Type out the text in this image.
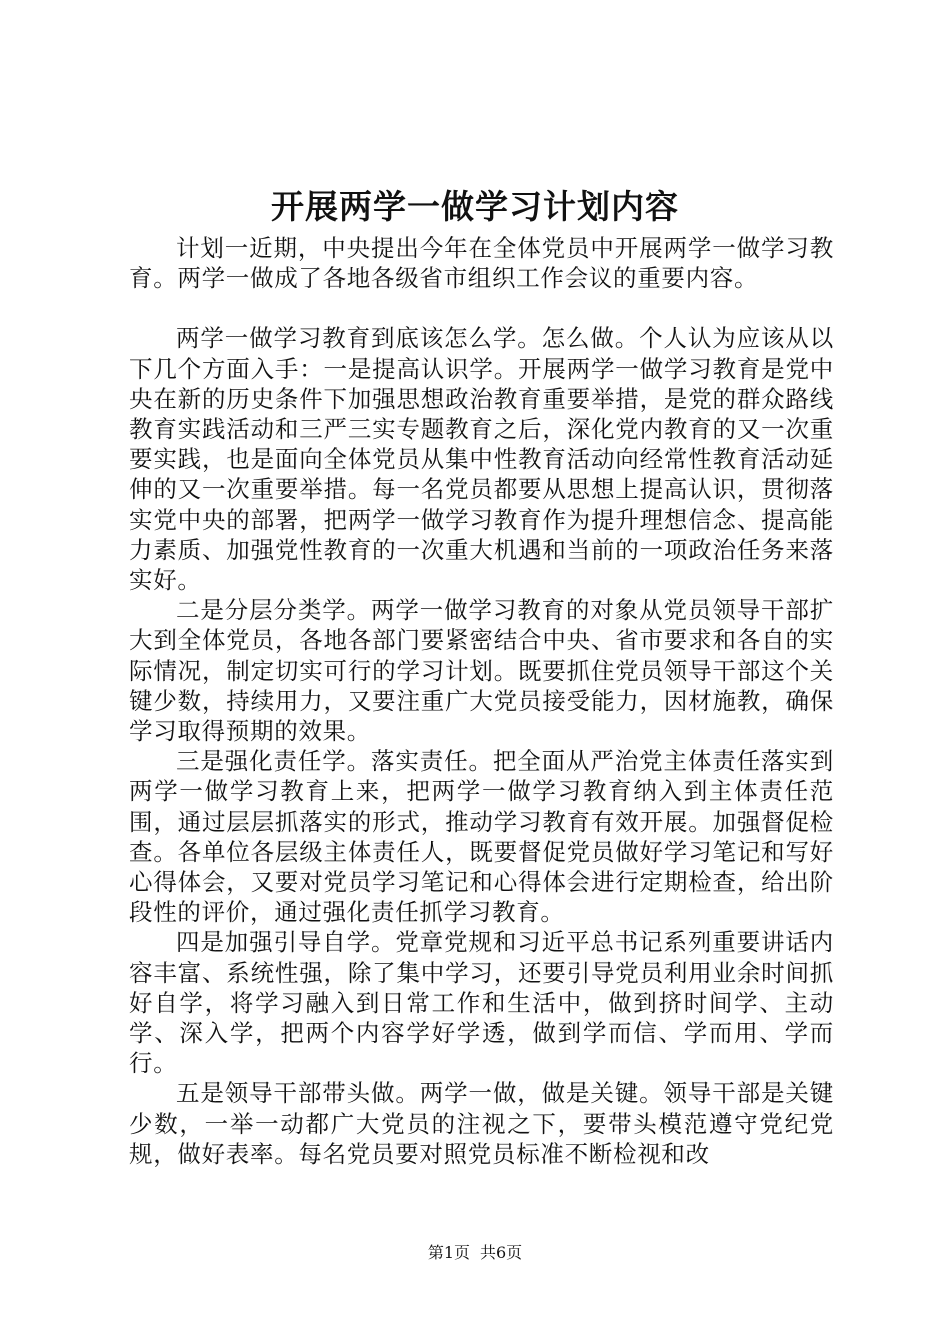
开展两学一做学习计划内容

计划一近期，中央提出今年在全体党员中开展两学一做学习教育。两学一做成了各地各级省市组织工作会议的重要内容。

两学一做学习教育到底该怎么学。怎么做。个人认为应该从以下几个方面入手：一是提高认识学。开展两学一做学习教育是党中央在新的历史条件下加强思想政治教育重要举措，是党的群众路线教育实践活动和三严三实专题教育之后，深化党内教育的又一次重要实践，也是面向全体党员从集中性教育活动向经常性教育活动延伸的又一次重要举措。每一名党员都要从思想上提高认识，贯彻落实党中央的部署，把两学一做学习教育作为提升理想信念、提高能力素质、加强党性教育的一次重大机遇和当前的一项政治任务来落实好。

二是分层分类学。两学一做学习教育的对象从党员领导干部扩大到全体党员，各地各部门要紧密结合中央、省市要求和各自的实际情况，制定切实可行的学习计划。既要抓住党员领导干部这个关键少数，持续用力，又要注重广大党员接受能力，因材施教，确保学习取得预期的效果。

三是强化责任学。落实责任。把全面从严治党主体责任落实到两学一做学习教育上来，把两学一做学习教育纳入到主体责任范围，通过层层抓落实的形式，推动学习教育有效开展。加强督促检查。各单位各层级主体责任人，既要督促党员做好学习笔记和写好心得体会，又要对党员学习笔记和心得体会进行定期检查，给出阶段性的评价，通过强化责任抓学习教育。

四是加强引导自学。党章党规和习近平总书记系列重要讲话内容丰富、系统性强，除了集中学习，还要引导党员利用业余时间抓好自学，将学习融入到日常工作和生活中，做到挤时间学、主动学、深入学，把两个内容学好学透，做到学而信、学而用、学而行。

五是领导干部带头做。两学一做，做是关键。领导干部是关键少数，一举一动都广大党员的注视之下，要带头模范遵守党纪党规，做好表率。每名党员要对照党员标准不断检视和改

第1页 共6页
